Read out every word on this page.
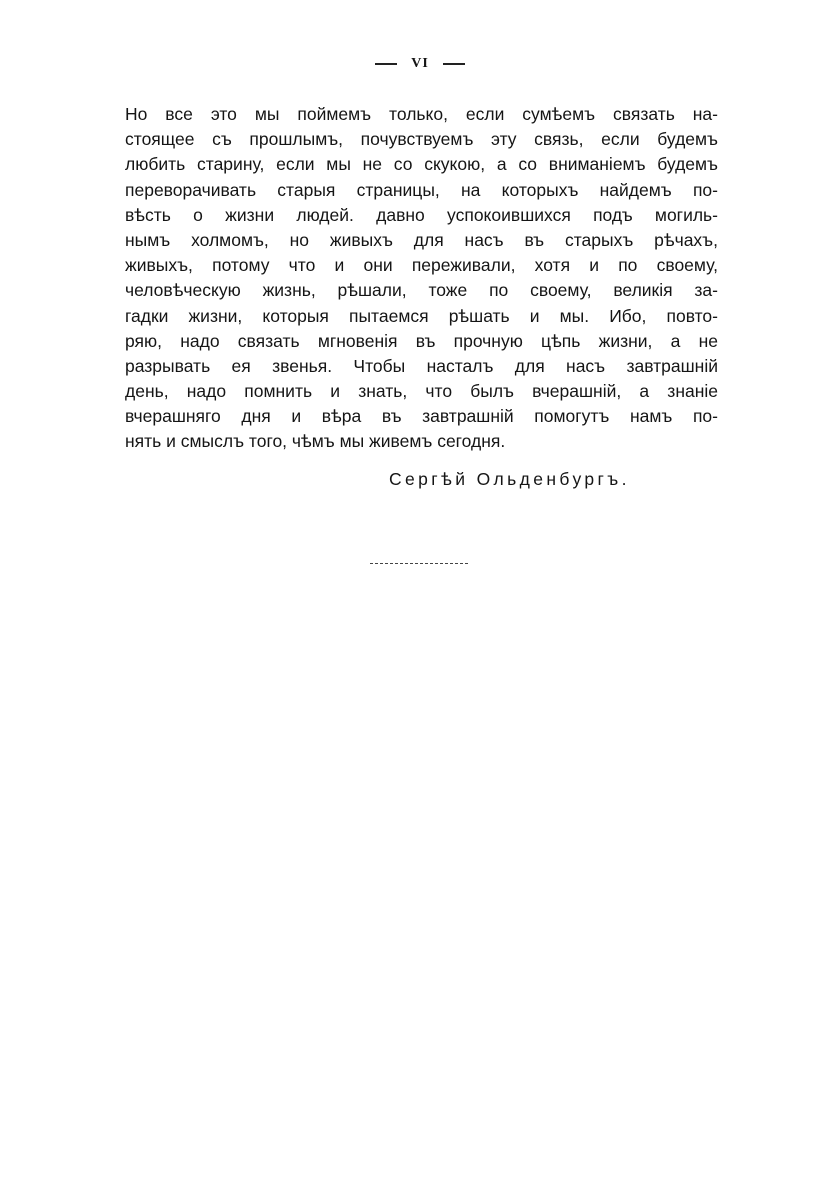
VI
Но все это мы поймемъ только, если сумѣемъ связать на-
стоящее съ прошлымъ, почувствуемъ эту связь, если будемъ
любить старину, если мы не со скукою, а со вниманіемъ будемъ
переворачивать старыя страницы, на которыхъ найдемъ по-
вѣсть о жизни людей. давно успокоившихся подъ могиль-
нымъ холмомъ, но живыхъ для насъ въ старыхъ рѣчахъ,
живыхъ, потому что и они переживали, хотя и по своему,
человѣческую жизнь, рѣшали, тоже по своему, великія за-
гадки жизни, которыя пытаемся рѣшать и мы. Ибо, повто-
ряю, надо связать мгновенія въ прочную цѣпь жизни, а не
разрывать ея звенья. Чтобы насталъ для насъ завтрашній
день, надо помнить и знать, что былъ вчерашній, а знаніе
вчерашняго дня и вѣра въ завтрашній помогутъ намъ по-
нять и смыслъ того, чѣмъ мы живемъ сегодня.
Сергѣй Ольденбургъ.
